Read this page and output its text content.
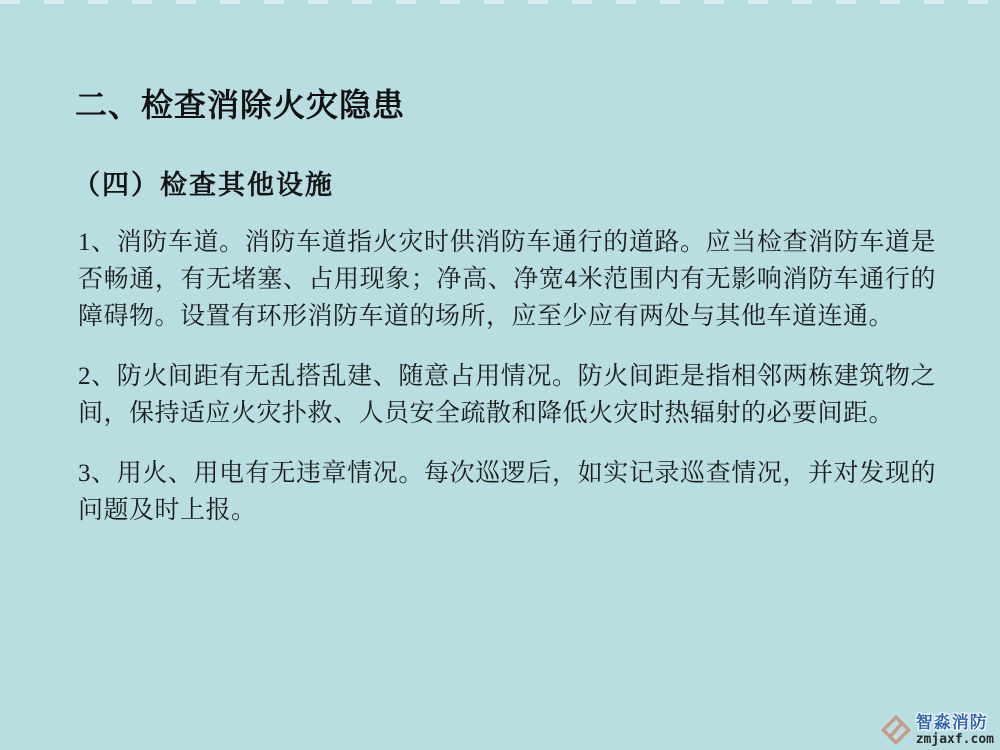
二、检查消除火灾隐患
（四）检查其他设施

1、消防车道。消防车道指火灾时供消防车通行的道路。应当检查消防车道是否畅通，有无堵塞、占用现象；净高、净宽4米范围内有无影响消防车通行的障碍物。设置有环形消防车道的场所，应至少应有两处与其他车道连通。

2、防火间距有无乱搭乱建、随意占用情况。防火间距是指相邻两栋建筑物之间，保持适应火灾扑救、人员安全疏散和降低火灾时热辐射的必要间距。

3、用火、用电有无违章情况。每次巡逻后，如实记录巡查情况，并对发现的问题及时上报。

智淼消防
zmjaxf.com
